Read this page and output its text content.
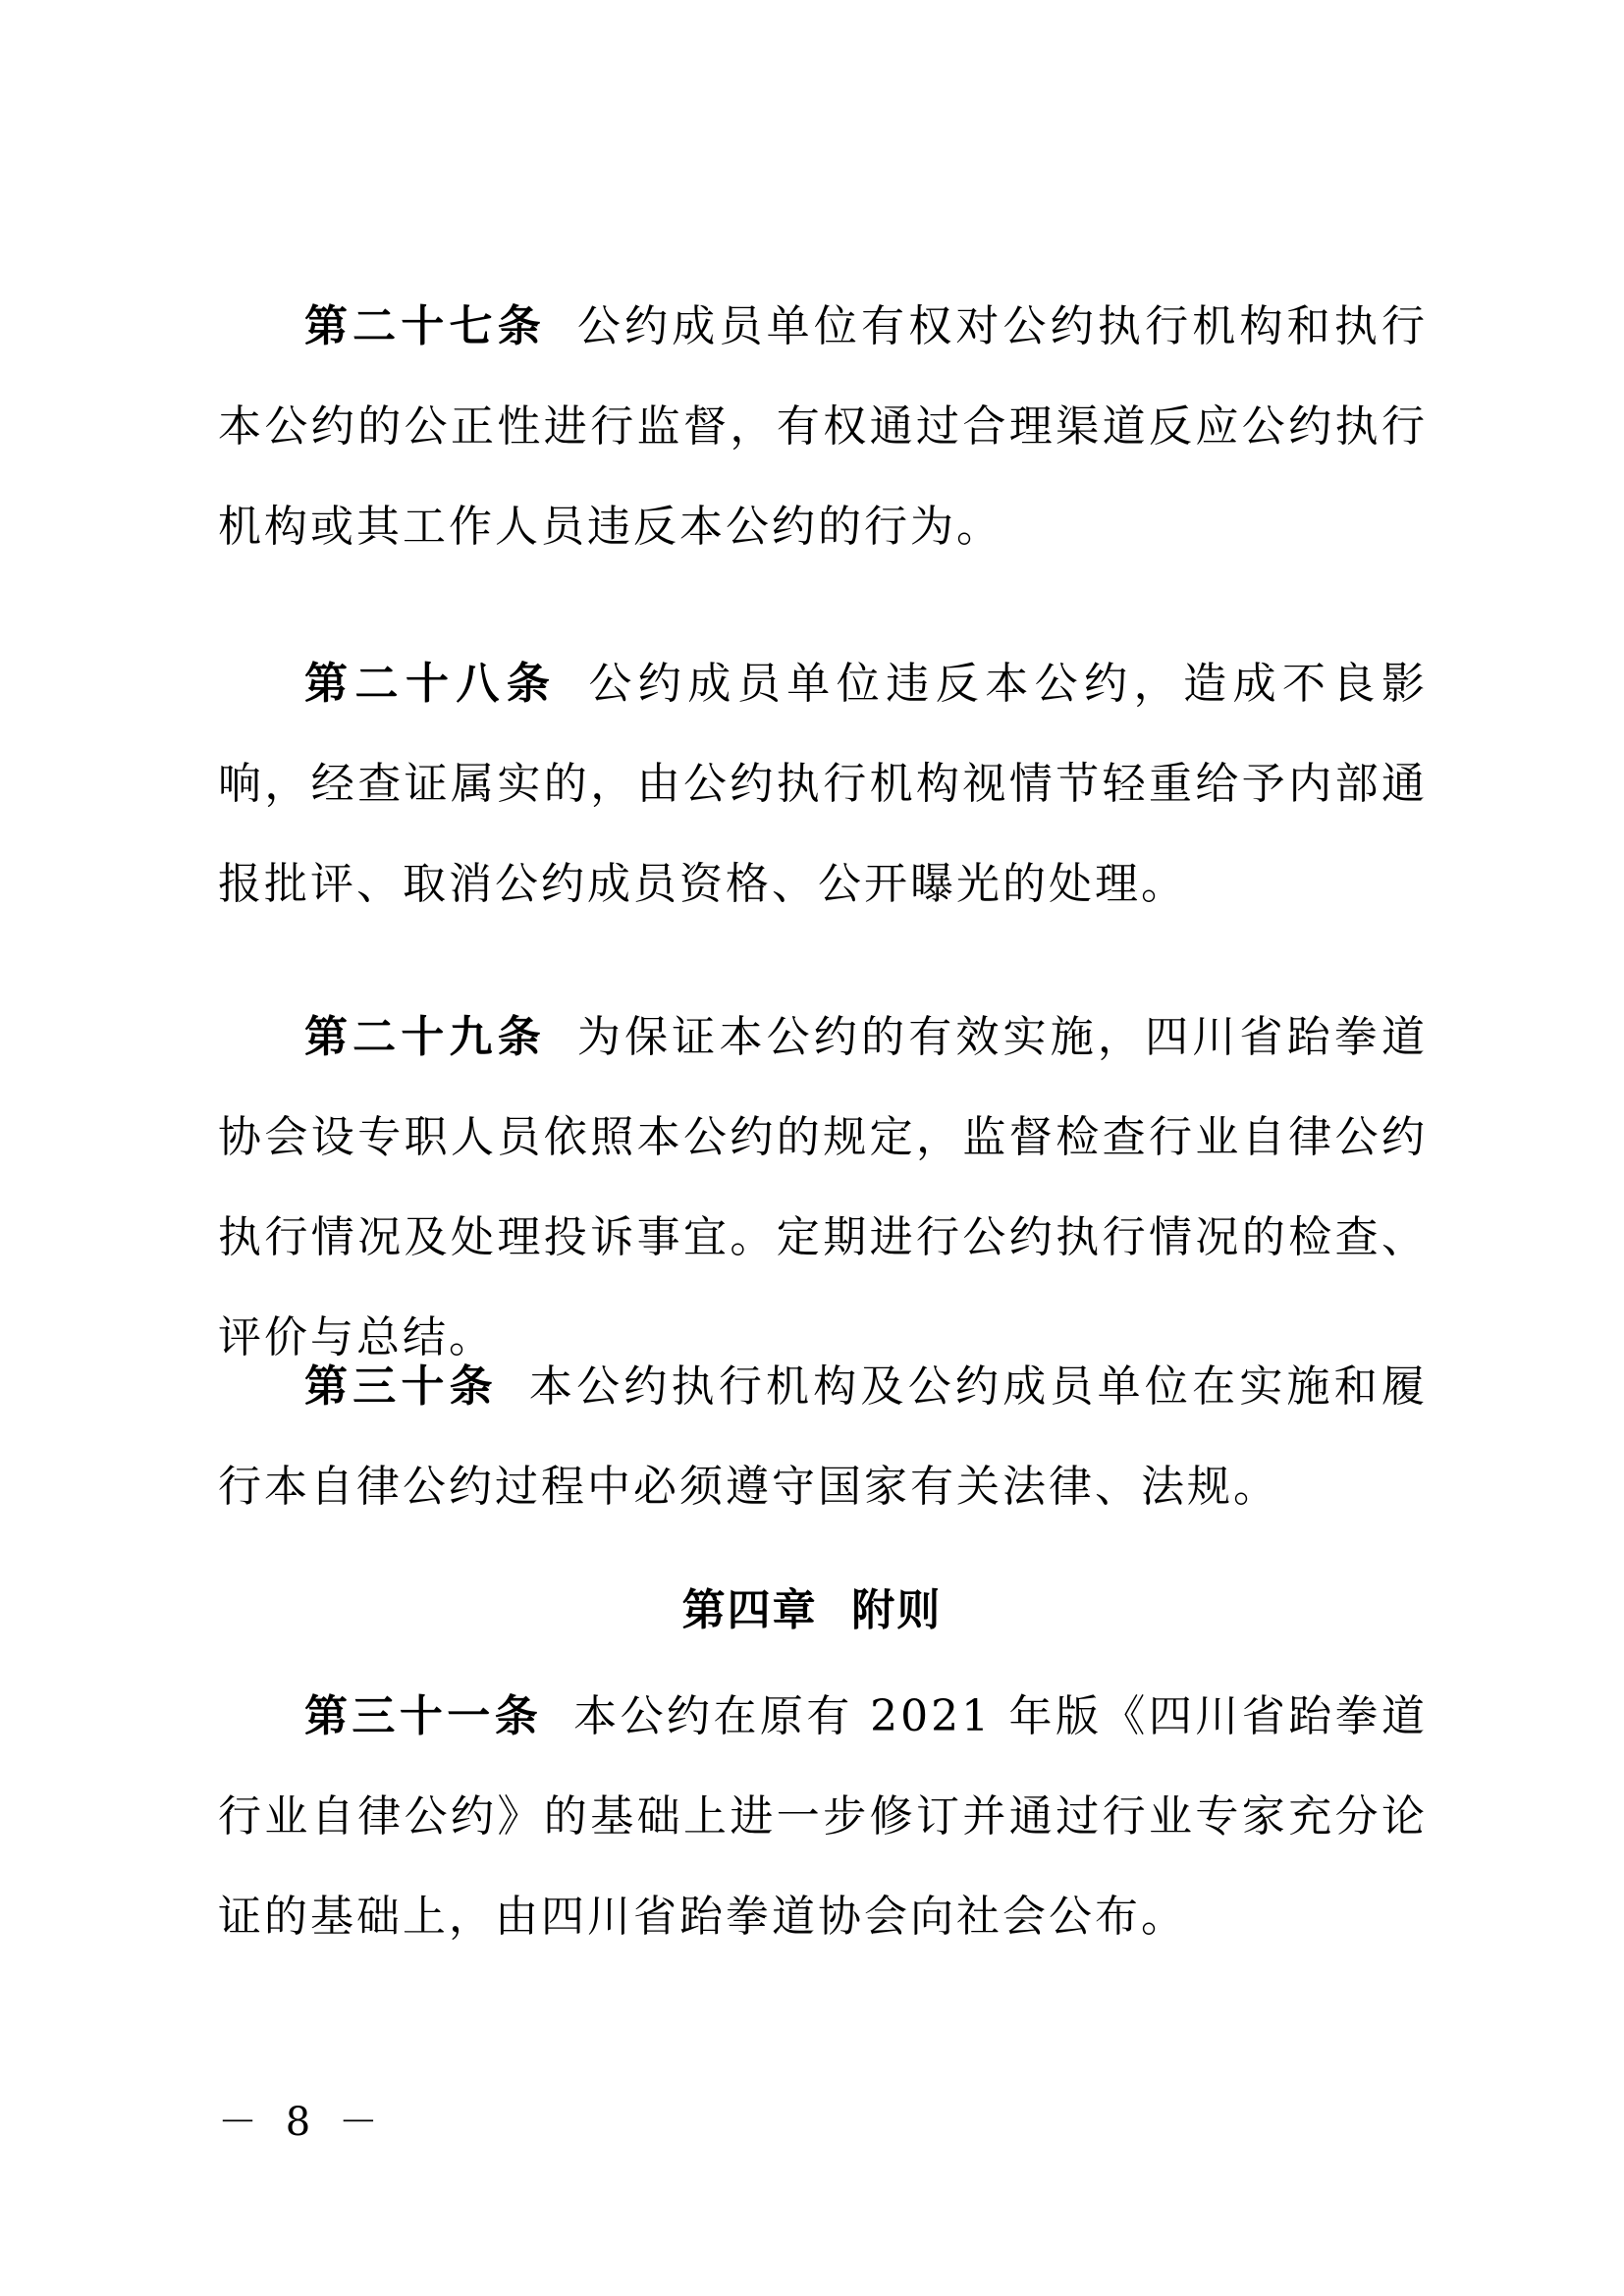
第二十七条 公约成员单位有权对公约执行机构和执行本公约的公正性进行监督，有权通过合理渠道反应公约执行机构或其工作人员违反本公约的行为。

第二十八条 公约成员单位违反本公约，造成不良影响，经查证属实的，由公约执行机构视情节轻重给予内部通报批评、取消公约成员资格、公开曝光的处理。

第二十九条 为保证本公约的有效实施，四川省跆拳道协会设专职人员依照本公约的规定，监督检查行业自律公约执行情况及处理投诉事宜。定期进行公约执行情况的检查、评价与总结。

第三十条 本公约执行机构及公约成员单位在实施和履行本自律公约过程中必须遵守国家有关法律、法规。

第四章  附则

第三十一条 本公约在原有 2021 年版《四川省跆拳道行业自律公约》的基础上进一步修订并通过行业专家充分论证的基础上，由四川省跆拳道协会向社会公布。

－ 8 －
